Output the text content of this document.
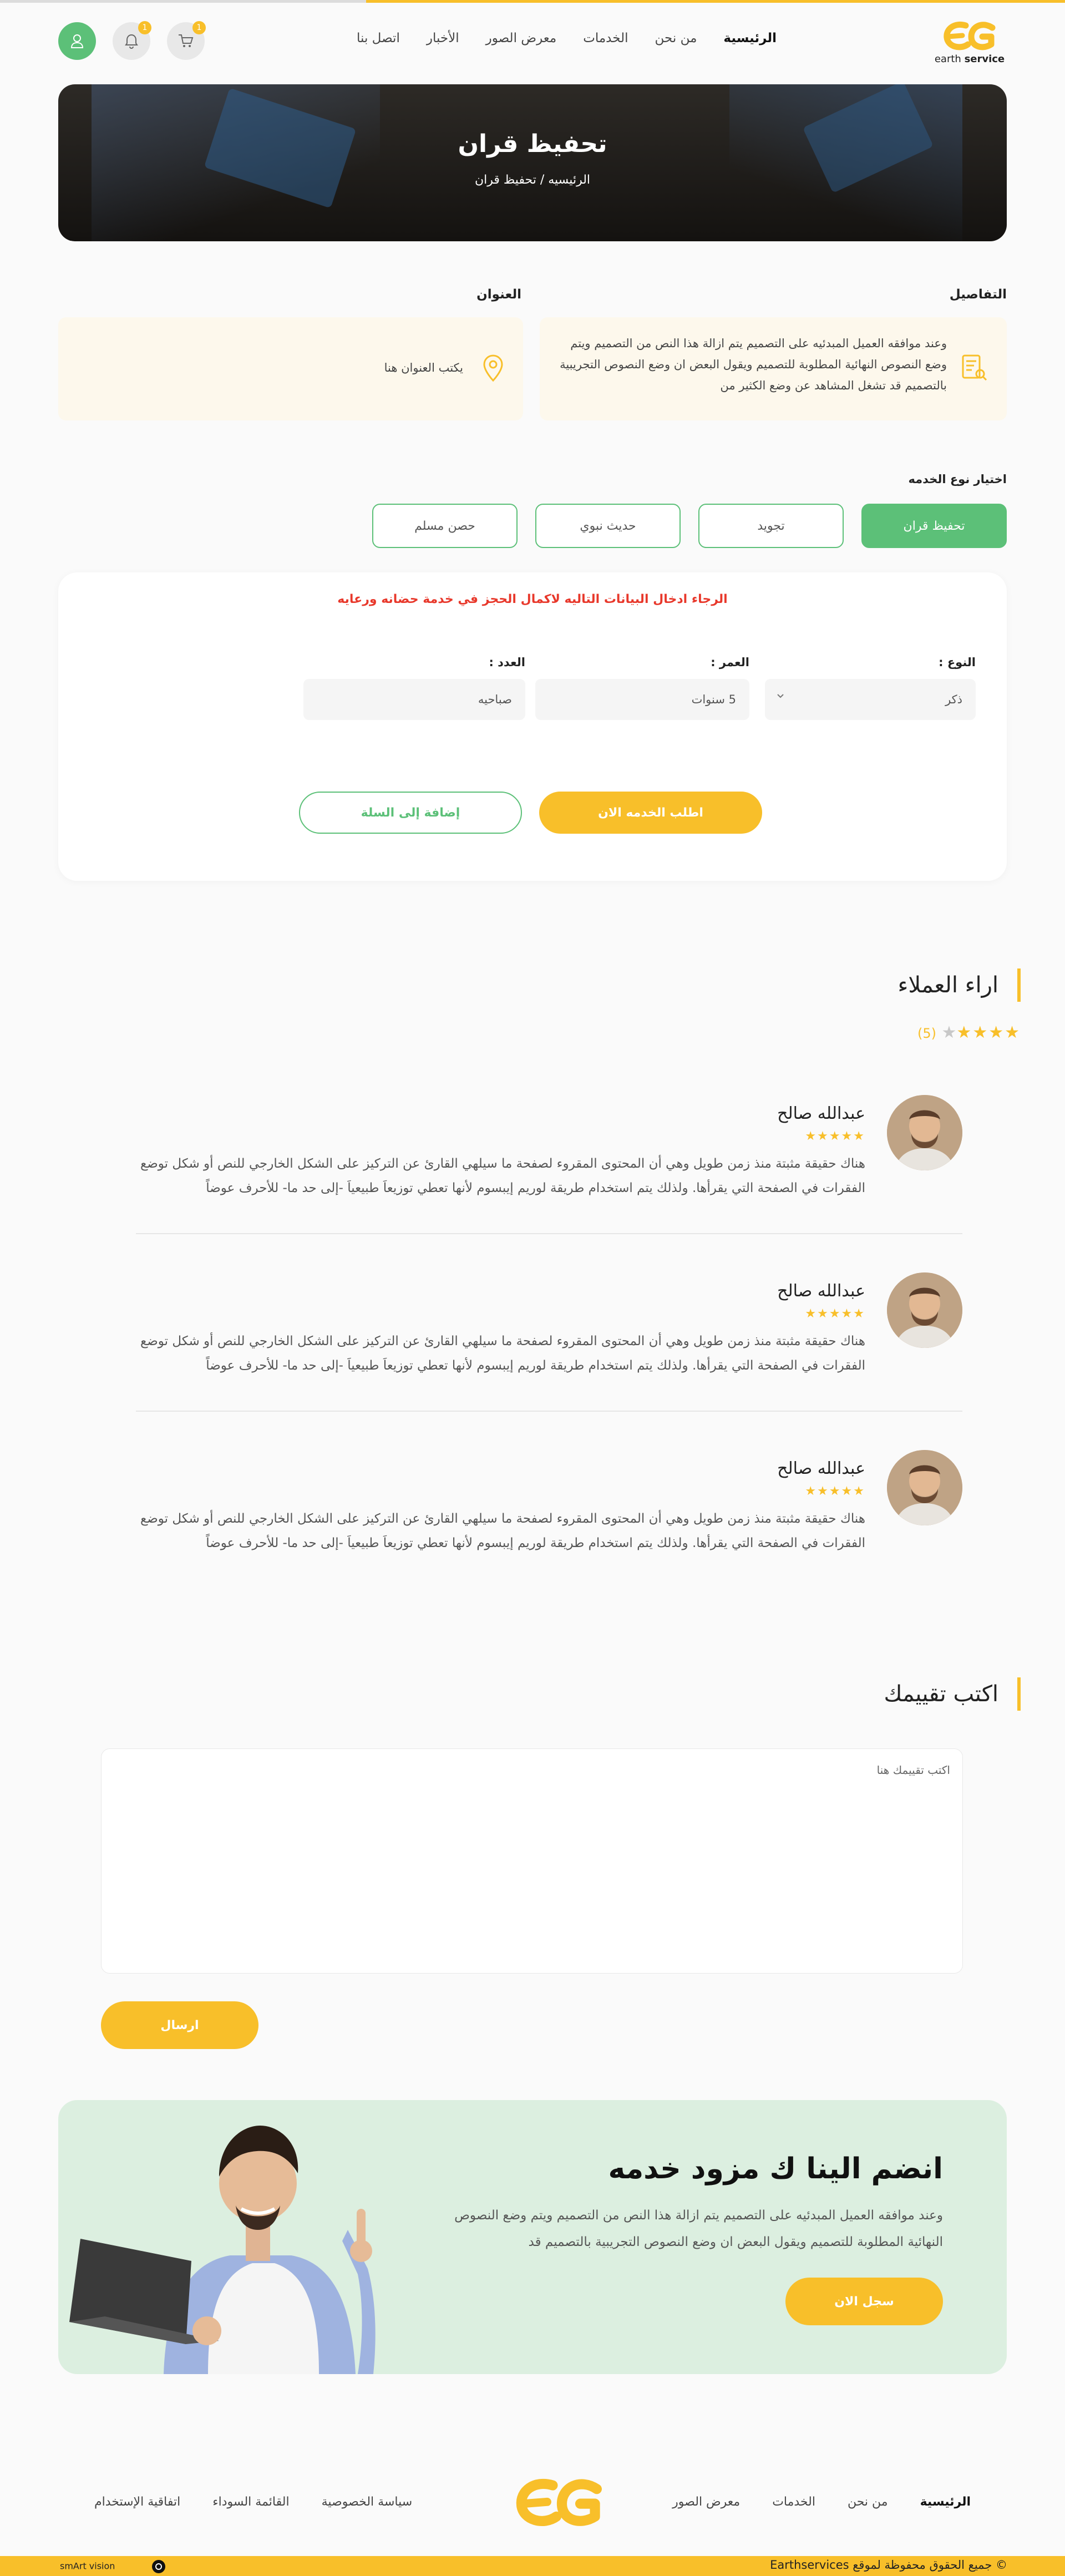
earth service
الرئيسية
من نحن
الخدمات
معرض الصور
الأخبار
اتصل بنا
1
1
تحفيظ قران
الرئيسيه / تحفيظ قران
التفاصيل

وعند موافقه العميل المبدئيه على التصميم يتم ازالة هذا النص من التصميم ويتم وضع النصوص النهائية المطلوبة للتصميم ويقول البعض ان وضع النصوص التجريبية بالتصميم قد تشغل المشاهد عن وضع الكثير من

العنوان

يكتب العنوان هنا

اختيار نوع الخدمه
تحفيظ قران
تجويد
حديث نبوي
حصن مسلم
الرجاء ادخال البيانات التاليه لاكمال الحجز في خدمة حضانه ورعايه
النوع :
ذكر
العمر :
5 سنوات
العدد :
صباحيه
اطلب الخدمه الان
إضافة إلى السلة
اراء العملاء
★★★★★ (5)
عبدالله صالح
★★★★★
هناك حقيقة مثبتة منذ زمن طويل وهي أن المحتوى المقروء لصفحة ما سيلهي القارئ عن التركيز على الشكل الخارجي للنص أو شكل توضع الفقرات في الصفحة التي يقرأها. ولذلك يتم استخدام طريقة لوريم إيبسوم لأنها تعطي توزيعاَ طبيعياَ -إلى حد ما- للأحرف عوضاً
عبدالله صالح
★★★★★
هناك حقيقة مثبتة منذ زمن طويل وهي أن المحتوى المقروء لصفحة ما سيلهي القارئ عن التركيز على الشكل الخارجي للنص أو شكل توضع الفقرات في الصفحة التي يقرأها. ولذلك يتم استخدام طريقة لوريم إيبسوم لأنها تعطي توزيعاَ طبيعياَ -إلى حد ما- للأحرف عوضاً
عبدالله صالح
★★★★★
هناك حقيقة مثبتة منذ زمن طويل وهي أن المحتوى المقروء لصفحة ما سيلهي القارئ عن التركيز على الشكل الخارجي للنص أو شكل توضع الفقرات في الصفحة التي يقرأها. ولذلك يتم استخدام طريقة لوريم إيبسوم لأنها تعطي توزيعاَ طبيعياَ -إلى حد ما- للأحرف عوضاً
اكتب تقييمك
اكتب تقييمك هنا
ارسال
انضم الينا ك مزود خدمه

وعند موافقه العميل المبدئيه على التصميم يتم ازالة هذا النص من التصميم ويتم وضع النصوص النهائية المطلوبة للتصميم ويقول البعض ان وضع النصوص التجريبية بالتصميم قد

سجل الان
الرئيسية
من نحن
الخدمات
معرض الصور
سياسة الخصوصية
القائمة السوداء
اتفاقية الإستخدام
© جميع الحقوق محفوظة لموقع Earthservices
smArt vision
